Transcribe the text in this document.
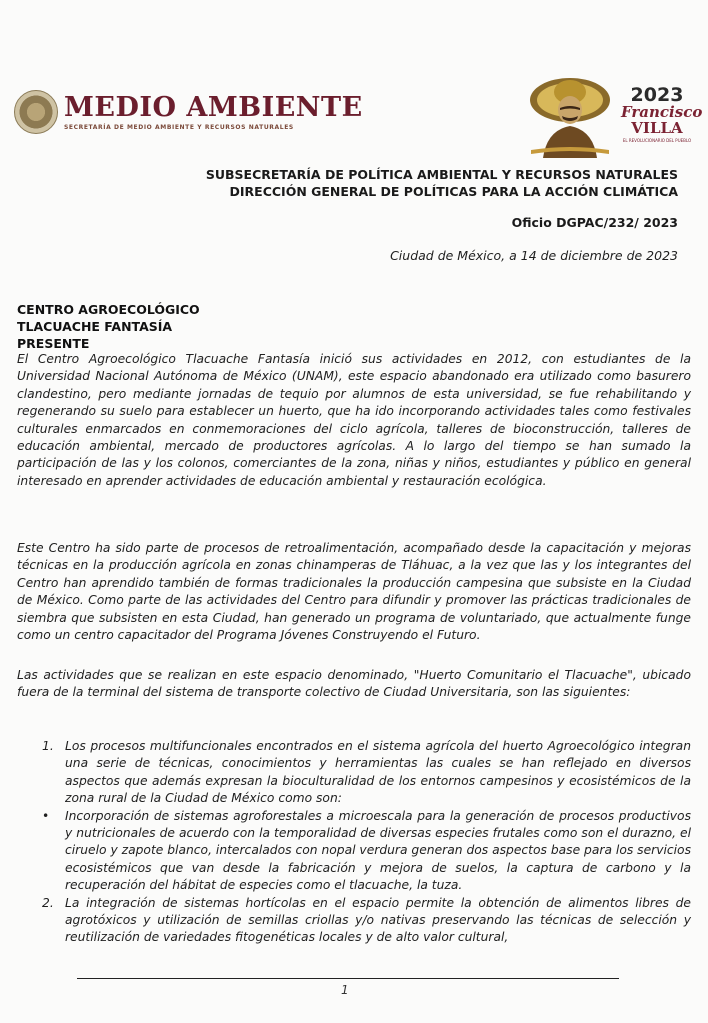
MEDIO AMBIENTE
SECRETARÍA DE MEDIO AMBIENTE Y RECURSOS NATURALES
2023
Francisco
VILLA
EL REVOLUCIONARIO DEL PUEBLO
SUBSECRETARÍA DE POLÍTICA AMBIENTAL Y RECURSOS NATURALES
DIRECCIÓN GENERAL DE POLÍTICAS PARA LA ACCIÓN CLIMÁTICA
Oficio DGPAC/232/ 2023
Ciudad de México, a 14 de diciembre de 2023
CENTRO AGROECOLÓGICO
TLACUACHE FANTASÍA
PRESENTE
El Centro Agroecológico Tlacuache Fantasía inició sus actividades en 2012, con estudiantes de la Universidad Nacional Autónoma de México (UNAM), este espacio abandonado era utilizado como basurero clandestino, pero mediante jornadas de tequio por alumnos de esta universidad, se fue rehabilitando y regenerando su suelo para establecer un huerto, que ha ido incorporando actividades tales como festivales culturales enmarcados en conmemoraciones del ciclo agrícola, talleres de bioconstrucción, talleres de educación ambiental, mercado de productores agrícolas. A lo largo del tiempo se han sumado la participación de las y los colonos, comerciantes de la zona, niñas y niños, estudiantes y público en general interesado en aprender actividades de educación ambiental y restauración ecológica.
Este Centro ha sido parte de procesos de retroalimentación, acompañado desde la capacitación y mejoras técnicas en la producción agrícola en zonas chinamperas de Tláhuac, a la vez que las y los integrantes del Centro han aprendido también de formas tradicionales la producción campesina que subsiste en la Ciudad de México. Como parte de las actividades del Centro para difundir y promover las prácticas tradicionales de siembra que subsisten en esta Ciudad, han generado un programa de voluntariado, que actualmente funge como un centro capacitador del Programa Jóvenes Construyendo el Futuro.
Las actividades que se realizan en este espacio denominado, "Huerto Comunitario el Tlacuache", ubicado fuera de la terminal del sistema de transporte colectivo de Ciudad Universitaria, son las siguientes:
1. Los procesos multifuncionales encontrados en el sistema agrícola del huerto Agroecológico integran una serie de técnicas, conocimientos y herramientas las cuales se han reflejado en diversos aspectos que además expresan la bioculturalidad de los entornos campesinos y ecosistémicos de la zona rural de la Ciudad de México como son:
•	Incorporación de sistemas agroforestales a microescala para la generación de procesos productivos y nutricionales de acuerdo con la temporalidad de diversas especies frutales como son el durazno, el ciruelo y zapote blanco, intercalados con nopal verdura generan dos aspectos base para los servicios ecosistémicos que van desde la fabricación y mejora de suelos, la captura de carbono y la recuperación del hábitat de especies como el tlacuache, la tuza.
2. La integración de sistemas hortícolas en el espacio permite la obtención de alimentos libres de agrotóxicos y utilización de semillas criollas y/o nativas preservando las técnicas de selección y reutilización de variedades fitogenéticas locales y de alto valor cultural,
1
